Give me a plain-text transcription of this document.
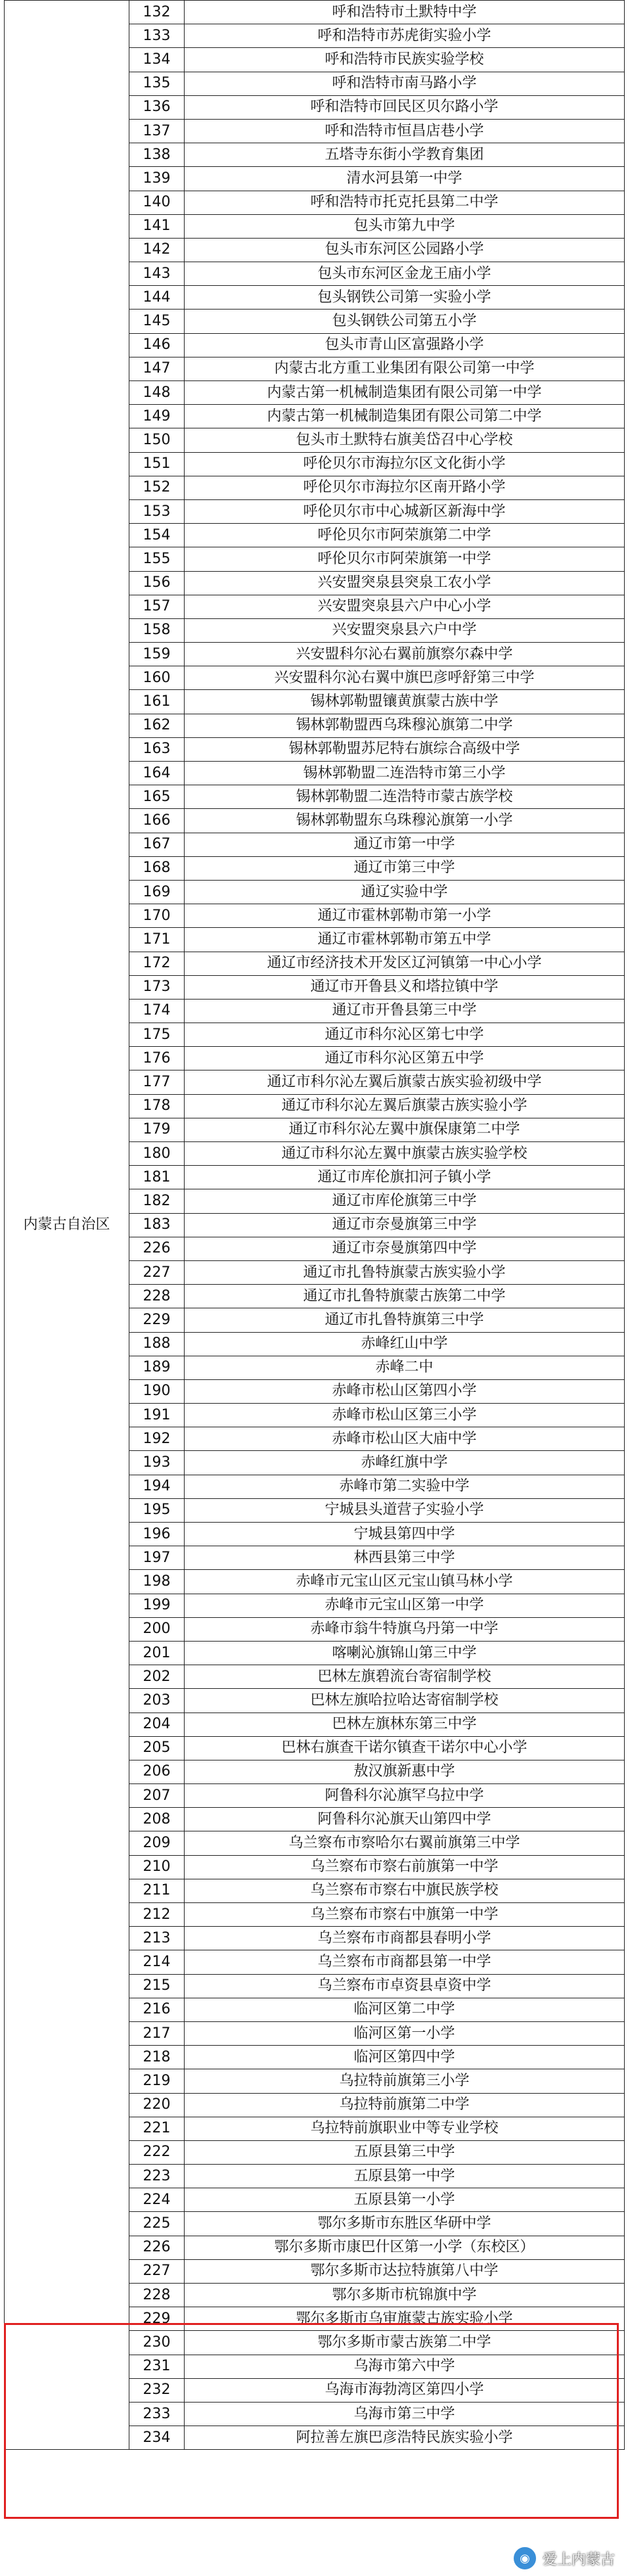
内蒙古自治区	132	呼和浩特市土默特中学
	133	呼和浩特市苏虎街实验小学
	134	呼和浩特市民族实验学校
	135	呼和浩特市南马路小学
	136	呼和浩特市回民区贝尔路小学
	137	呼和浩特市恒昌店巷小学
	138	五塔寺东街小学教育集团
	139	清水河县第一中学
	140	呼和浩特市托克托县第二中学
	141	包头市第九中学
	142	包头市东河区公园路小学
	143	包头市东河区金龙王庙小学
	144	包头钢铁公司第一实验小学
	145	包头钢铁公司第五小学
	146	包头市青山区富强路小学
	147	内蒙古北方重工业集团有限公司第一中学
	148	内蒙古第一机械制造集团有限公司第一中学
	149	内蒙古第一机械制造集团有限公司第二中学
	150	包头市土默特右旗美岱召中心学校
	151	呼伦贝尔市海拉尔区文化街小学
	152	呼伦贝尔市海拉尔区南开路小学
	153	呼伦贝尔市中心城新区新海中学
	154	呼伦贝尔市阿荣旗第二中学
	155	呼伦贝尔市阿荣旗第一中学
	156	兴安盟突泉县突泉工农小学
	157	兴安盟突泉县六户中心小学
	158	兴安盟突泉县六户中学
	159	兴安盟科尔沁右翼前旗察尔森中学
	160	兴安盟科尔沁右翼中旗巴彦呼舒第三中学
	161	锡林郭勒盟镶黄旗蒙古族中学
	162	锡林郭勒盟西乌珠穆沁旗第二中学
	163	锡林郭勒盟苏尼特右旗综合高级中学
	164	锡林郭勒盟二连浩特市第三小学
	165	锡林郭勒盟二连浩特市蒙古族学校
	166	锡林郭勒盟东乌珠穆沁旗第一小学
	167	通辽市第一中学
	168	通辽市第三中学
	169	通辽实验中学
	170	通辽市霍林郭勒市第一小学
	171	通辽市霍林郭勒市第五中学
	172	通辽市经济技术开发区辽河镇第一中心小学
	173	通辽市开鲁县义和塔拉镇中学
	174	通辽市开鲁县第三中学
	175	通辽市科尔沁区第七中学
	176	通辽市科尔沁区第五中学
	177	通辽市科尔沁左翼后旗蒙古族实验初级中学
	178	通辽市科尔沁左翼后旗蒙古族实验小学
	179	通辽市科尔沁左翼中旗保康第二中学
	180	通辽市科尔沁左翼中旗蒙古族实验学校
	181	通辽市库伦旗扣河子镇小学
	182	通辽市库伦旗第三中学
	183	通辽市奈曼旗第三中学
	226	通辽市奈曼旗第四中学
	227	通辽市扎鲁特旗蒙古族实验小学
	228	通辽市扎鲁特旗蒙古族第二中学
	229	通辽市扎鲁特旗第三中学
	188	赤峰红山中学
	189	赤峰二中
	190	赤峰市松山区第四小学
	191	赤峰市松山区第三小学
	192	赤峰市松山区大庙中学
	193	赤峰红旗中学
	194	赤峰市第二实验中学
	195	宁城县头道营子实验小学
	196	宁城县第四中学
	197	林西县第三中学
	198	赤峰市元宝山区元宝山镇马林小学
	199	赤峰市元宝山区第一中学
	200	赤峰市翁牛特旗乌丹第一中学
	201	喀喇沁旗锦山第三中学
	202	巴林左旗碧流台寄宿制学校
	203	巴林左旗哈拉哈达寄宿制学校
	204	巴林左旗林东第三中学
	205	巴林右旗查干诺尔镇查干诺尔中心小学
	206	敖汉旗新惠中学
	207	阿鲁科尔沁旗罕乌拉中学
	208	阿鲁科尔沁旗天山第四中学
	209	乌兰察布市察哈尔右翼前旗第三中学
	210	乌兰察布市察右前旗第一中学
	211	乌兰察布市察右中旗民族学校
	212	乌兰察布市察右中旗第一中学
	213	乌兰察布市商都县春明小学
	214	乌兰察布市商都县第一中学
	215	乌兰察布市卓资县卓资中学
	216	临河区第二中学
	217	临河区第一小学
	218	临河区第四中学
	219	乌拉特前旗第三小学
	220	乌拉特前旗第二中学
	221	乌拉特前旗职业中等专业学校
	222	五原县第三中学
	223	五原县第一中学
	224	五原县第一小学
	225	鄂尔多斯市东胜区华研中学
	226	鄂尔多斯市康巴什区第一小学（东校区）
	227	鄂尔多斯市达拉特旗第八中学
	228	鄂尔多斯市杭锦旗中学
	229	鄂尔多斯市乌审旗蒙古族实验小学
	230	鄂尔多斯市蒙古族第二中学
	231	乌海市第六中学
	232	乌海市海勃湾区第四小学
	233	乌海市第三中学
	234	阿拉善左旗巴彦浩特民族实验小学
◉ 爱上内蒙古
